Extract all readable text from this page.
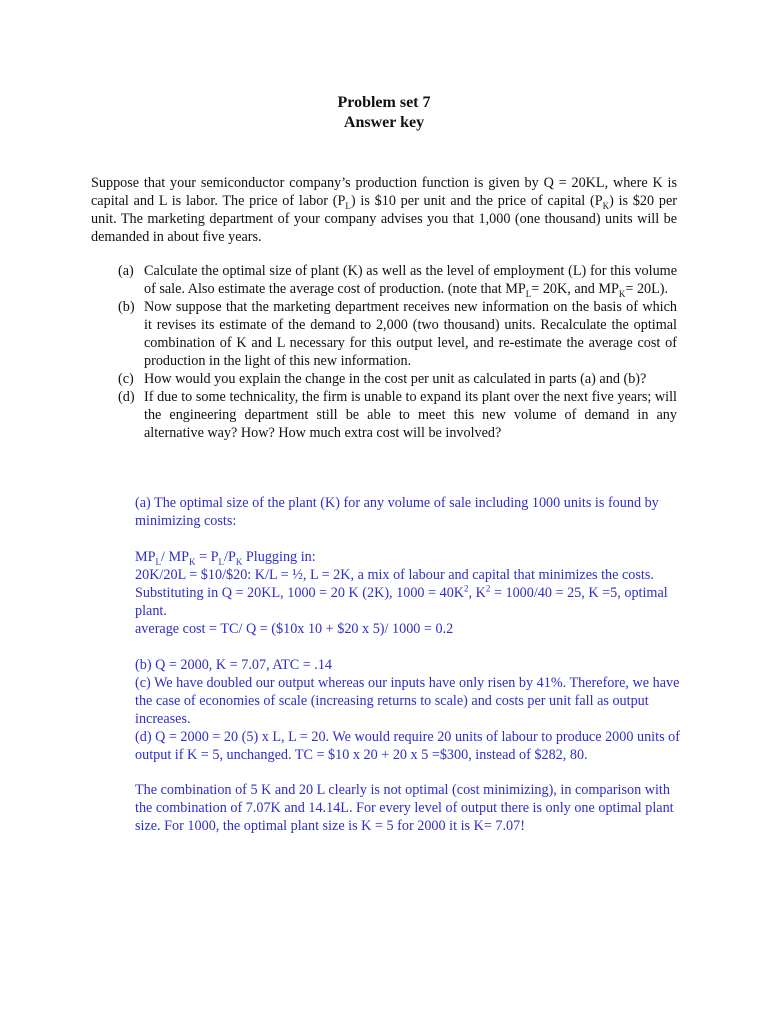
Problem set 7
Answer key
Suppose that your semiconductor company’s production function is given by Q = 20KL, where K is capital and L is labor. The price of labor $(P_L)$ is $10 per unit and the price of capital $(P_K)$ is $20 per unit. The marketing department of your company advises you that 1,000 (one thousand) units will be demanded in about five years.
(a) Calculate the optimal size of plant (K) as well as the level of employment (L) for this volume of sale. Also estimate the average cost of production. (note that $MP_L= 20K$, and $MP_K= 20L$).
(b) Now suppose that the marketing department receives new information on the basis of which it revises its estimate of the demand to 2,000 (two thousand) units. Recalculate the optimal combination of K and L necessary for this output level, and re-estimate the average cost of production in the light of this new information.
(c) How would you explain the change in the cost per unit as calculated in parts (a) and (b)?
(d) If due to some technicality, the firm is unable to expand its plant over the next five years; will the engineering department still be able to meet this new volume of demand in any alternative way? How? How much extra cost will be involved?

(a) The optimal size of the plant (K) for any volume of sale including 1000 units is found by minimizing costs:

$MP_L/$ $MP_K = P_L/P_K$ Plugging in:

20K/20L = $10/$20: K/L = ½, L = 2K, a mix of labour and capital that minimizes the costs. Substituting in Q = 20KL, 1000 = 20 K (2K), $1000 = 40K^2$, $K^2 = 1000/40 = 25$, K =5, optimal plant.

average cost = TC/ Q = ($10x 10 + $20 x 5)/ 1000 = 0.2

(b) Q = 2000, K = 7.07, ATC = .14

(c) We have doubled our output whereas our inputs have only risen by 41%. Therefore, we have the case of economies of scale (increasing returns to scale) and costs per unit fall as output increases.

(d) Q = 2000 = 20 (5) x L, L = 20. We would require 20 units of labour to produce 2000 units of output if K = 5, unchanged. TC = $10 x 20 + 20 x 5 =$300, instead of $282, 80.

The combination of 5 K and 20 L clearly is not optimal (cost minimizing), in comparison with the combination of 7.07K and 14.14L. For every level of output there is only one optimal plant size. For 1000, the optimal plant size is K = 5 for 2000 it is K= 7.07!
